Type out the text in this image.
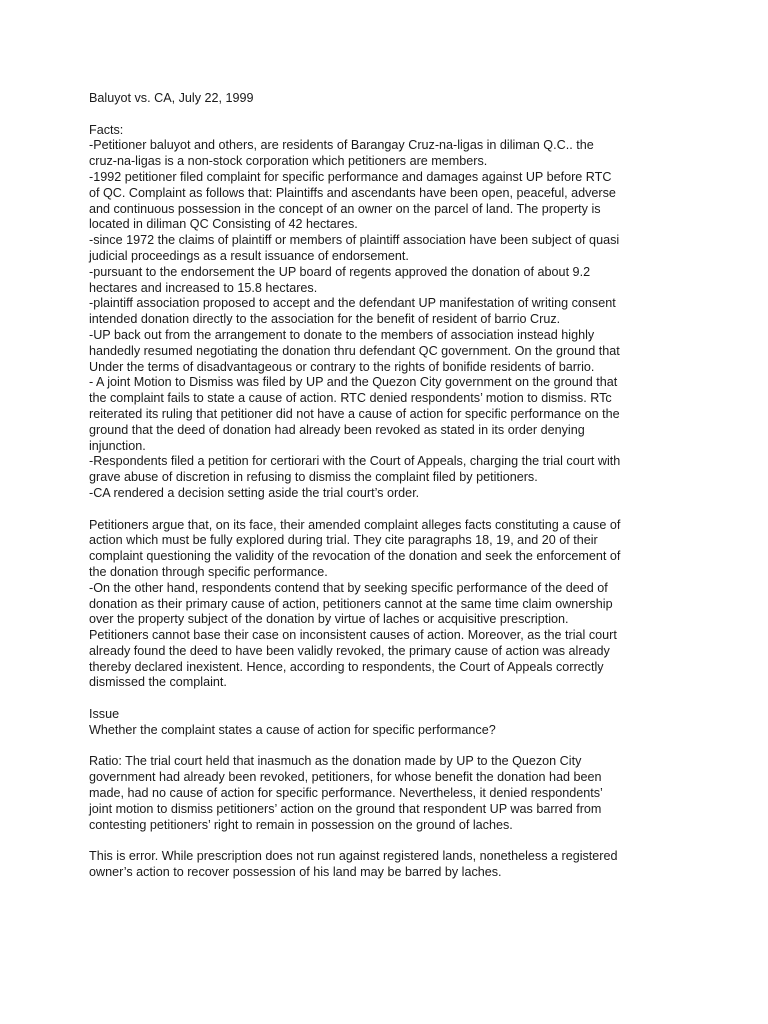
Baluyot vs. CA, July 22, 1999
Facts:
-Petitioner baluyot and others, are residents of Barangay Cruz-na-ligas in diliman Q.C.. the
cruz-na-ligas is a non-stock corporation which petitioners are members.
-1992 petitioner filed complaint for specific performance and damages against UP before RTC
of QC. Complaint as follows that: Plaintiffs and ascendants have been open, peaceful, adverse
and continuous possession in the concept of an owner on the parcel of land. The property is
located in diliman QC Consisting of 42 hectares.
-since 1972 the claims of plaintiff or members of plaintiff association have been subject of quasi
judicial proceedings as a result issuance of endorsement.
-pursuant to the endorsement the UP board of regents approved the donation of about 9.2
hectares and increased to 15.8 hectares.
-plaintiff association proposed to accept and the defendant UP manifestation of writing consent
intended donation directly to the association for the benefit of resident of barrio Cruz.
-UP back out from the arrangement to donate to the members of association instead highly
handedly resumed negotiating the donation thru defendant QC government. On the ground that
Under the terms of disadvantageous or contrary to the rights of bonifide residents of barrio.
- A joint Motion to Dismiss was filed by UP and the Quezon City government on the ground that
the complaint fails to state a cause of action. RTC denied respondents’ motion to dismiss. RTc
reiterated its ruling that petitioner did not have a cause of action for specific performance on the
ground that the deed of donation had already been revoked as stated in its order denying
injunction.
-Respondents filed a petition for certiorari with the Court of Appeals, charging the trial court with
grave abuse of discretion in refusing to dismiss the complaint filed by petitioners.
-CA rendered a decision setting aside the trial court’s order.
Petitioners argue that, on its face, their amended complaint alleges facts constituting a cause of
action which must be fully explored during trial. They cite paragraphs 18, 19, and 20 of their
complaint questioning the validity of the revocation of the donation and seek the enforcement of
the donation through specific performance.
-On the other hand, respondents contend that by seeking specific performance of the deed of
donation as their primary cause of action, petitioners cannot at the same time claim ownership
over the property subject of the donation by virtue of laches or acquisitive prescription.
Petitioners cannot base their case on inconsistent causes of action. Moreover, as the trial court
already found the deed to have been validly revoked, the primary cause of action was already
thereby declared inexistent. Hence, according to respondents, the Court of Appeals correctly
dismissed the complaint.
Issue
Whether the complaint states a cause of action for specific performance?
Ratio: The trial court held that inasmuch as the donation made by UP to the Quezon City
government had already been revoked, petitioners, for whose benefit the donation had been
made, had no cause of action for specific performance. Nevertheless, it denied respondents’
joint motion to dismiss petitioners’ action on the ground that respondent UP was barred from
contesting petitioners’ right to remain in possession on the ground of laches.
This is error. While prescription does not run against registered lands, nonetheless a registered
owner’s action to recover possession of his land may be barred by laches.
